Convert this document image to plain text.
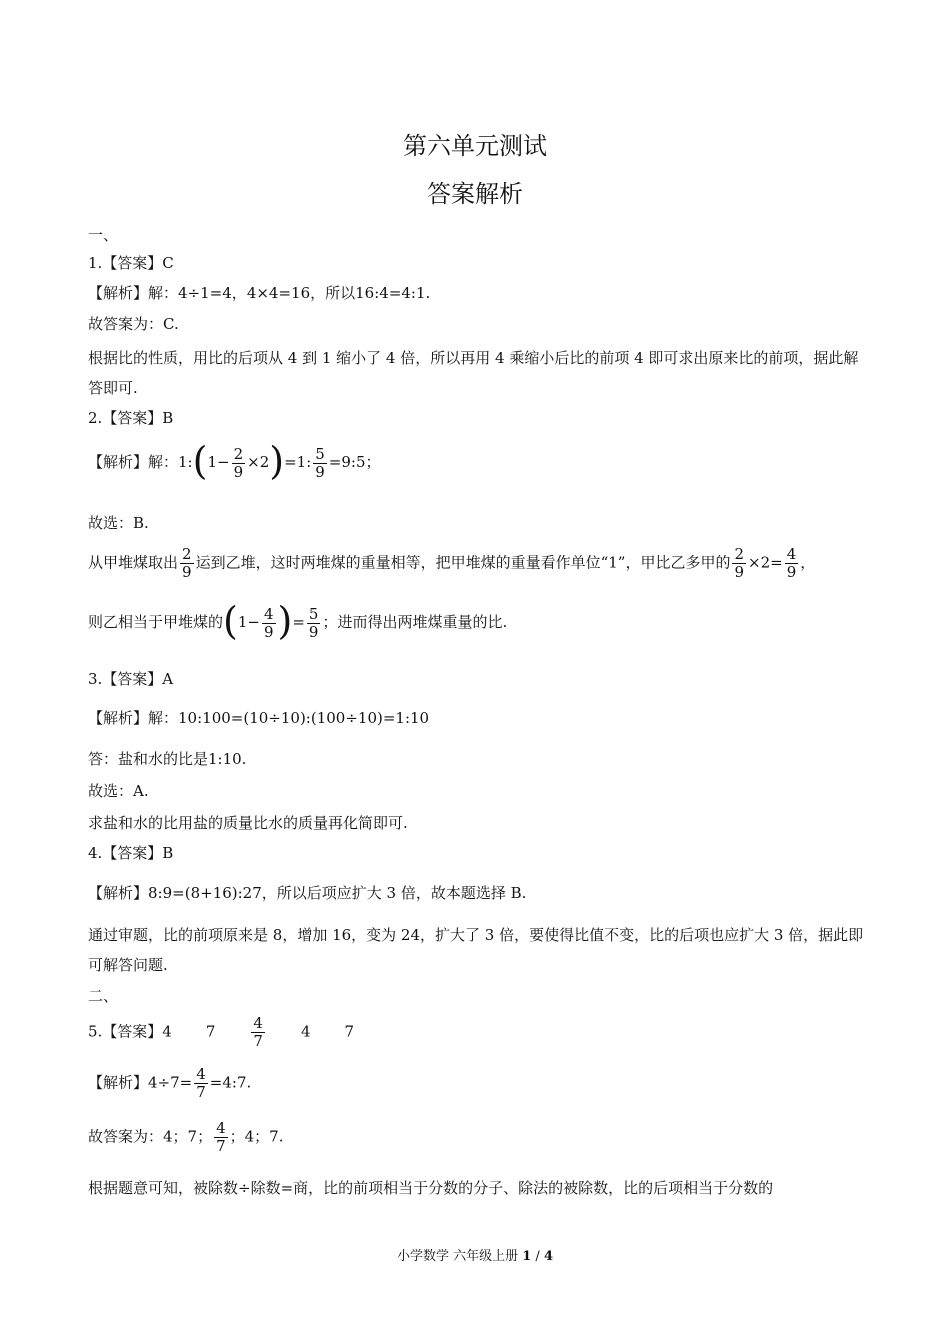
第六单元测试
答案解析
一、
1.【答案】C
【解析】解：4÷1=4，4×4=16，所以16:4=4:1.
故答案为：C.
根据比的性质，用比的后项从 4 到 1 缩小了 4 倍，所以再用 4 乘缩小后比的前项 4 即可求出原来比的前项，据此解答即可.
2.【答案】B
【解析】解：1:(1− $\frac{2}{9} \times 2)=1$: $\frac{5}{9}$ =9:5；
故选：B.
从甲堆煤取出 $\frac{2}{9}$ 运到乙堆，这时两堆煤的重量相等，把甲堆煤的重量看作单位“1”，甲比乙多甲的 $\frac{2}{9} \times 2= \frac{4}{9}$ ，
则乙相当于甲堆煤的($1- \frac{4}{9}$ )= $\frac{5}{9}$ ；进而得出两堆煤重量的比.
3.【答案】A
【解析】解：10:100=(10÷10):(100÷10)=1:10
答：盐和水的比是1:10.
故选：A.
求盐和水的比用盐的质量比水的质量再化简即可.
4.【答案】B
【解析】8:9=(8+16):27，所以后项应扩大 3 倍，故本题选择 B.
通过审题，比的前项原来是 8，增加 16，变为 24，扩大了 3 倍，要使得比值不变，比的后项也应扩大 3 倍，据此即可解答问题.
二、
5.【答案】4 $7 \frac{4}{7} 4$ 7
【解析】$4\div 7= \frac{4}{7}$ =4:7.
故答案为：4；7； $\frac{4}{7}$ ；4；7.
根据题意可知，被除数÷除数=商，比的前项相当于分数的分子、除法的被除数，比的后项相当于分数的
小学数学 六年级上册 1 / 4
